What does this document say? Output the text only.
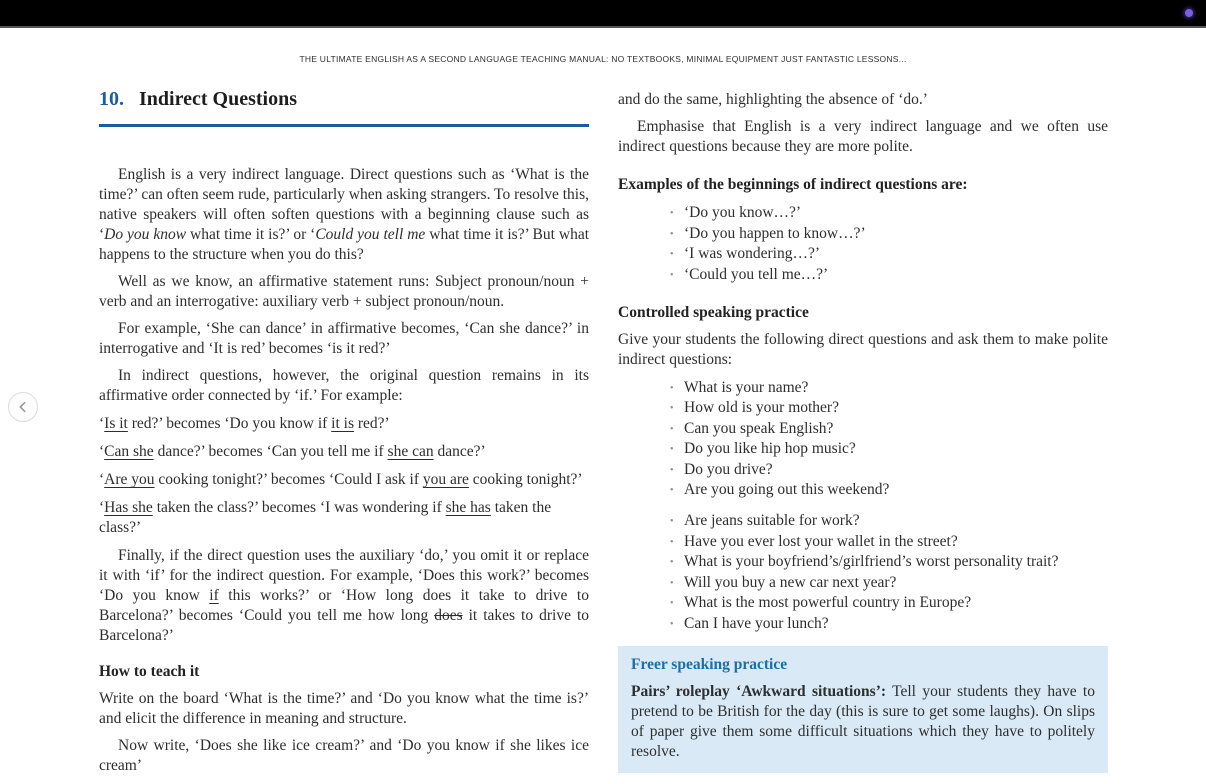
THE ULTIMATE ENGLISH AS A SECOND LANGUAGE TEACHING MANUAL: NO TEXTBOOKS, MINIMAL EQUIPMENT JUST FANTASTIC LESSONS...
10. Indirect Questions

English is a very indirect language. Direct questions such as ‘What is the time?’ can often seem rude, particularly when asking strangers. To resolve this, native speakers will often soften questions with a beginning clause such as ‘Do you know what time it is?’ or ‘Could you tell me what time it is?’ But what happens to the structure when you do this?

Well as we know, an affirmative statement runs: Subject pronoun/noun + verb and an interrogative: auxiliary verb + subject pronoun/noun.

For example, ‘She can dance’ in affirmative becomes, ‘Can she dance?’ in interrogative and ‘It is red’ becomes ‘is it red?’

In indirect questions, however, the original question remains in its affirmative order connected by ‘if.’ For example:

‘Is it red?’ becomes ‘Do you know if it is red?’

‘Can she dance?’ becomes ‘Can you tell me if she can dance?’

‘Are you cooking tonight?’ becomes ‘Could I ask if you are cooking tonight?’

‘Has she taken the class?’ becomes ‘I was wondering if she has taken the class?’

Finally, if the direct question uses the auxiliary ‘do,’ you omit it or replace it with ‘if’ for the indirect question. For example, ‘Does this work?’ becomes ‘Do you know if this works?’ or ‘How long does it take to drive to Barcelona?’ becomes ‘Could you tell me how long does it takes to drive to Barcelona?’

How to teach it

Write on the board ‘What is the time?’ and ‘Do you know what the time is?’ and elicit the difference in meaning and structure.

Now write, ‘Does she like ice cream?’ and ‘Do you know if she likes ice cream’

and do the same, highlighting the absence of ‘do.’

Emphasise that English is a very indirect language and we often use indirect questions because they are more polite.

Examples of the beginnings of indirect questions are:
• ‘Do you know…?’
• ‘Do you happen to know…?’
• ‘I was wondering…?’
• ‘Could you tell me…?’
Controlled speaking practice

Give your students the following direct questions and ask them to make polite indirect questions:

• What is your name?
• How old is your mother?
• Can you speak English?
• Do you like hip hop music?
• Do you drive?
• Are you going out this weekend?
• Are jeans suitable for work?
• Have you ever lost your wallet in the street?
• What is your boyfriend’s/girlfriend’s worst personality trait?
• Will you buy a new car next year?
• What is the most powerful country in Europe?
• Can I have your lunch?
Freer speaking practice

Pairs’ roleplay ‘Awkward situations’: Tell your students they have to pretend to be British for the day (this is sure to get some laughs). On slips of paper give them some difficult situations which they have to politely resolve.
